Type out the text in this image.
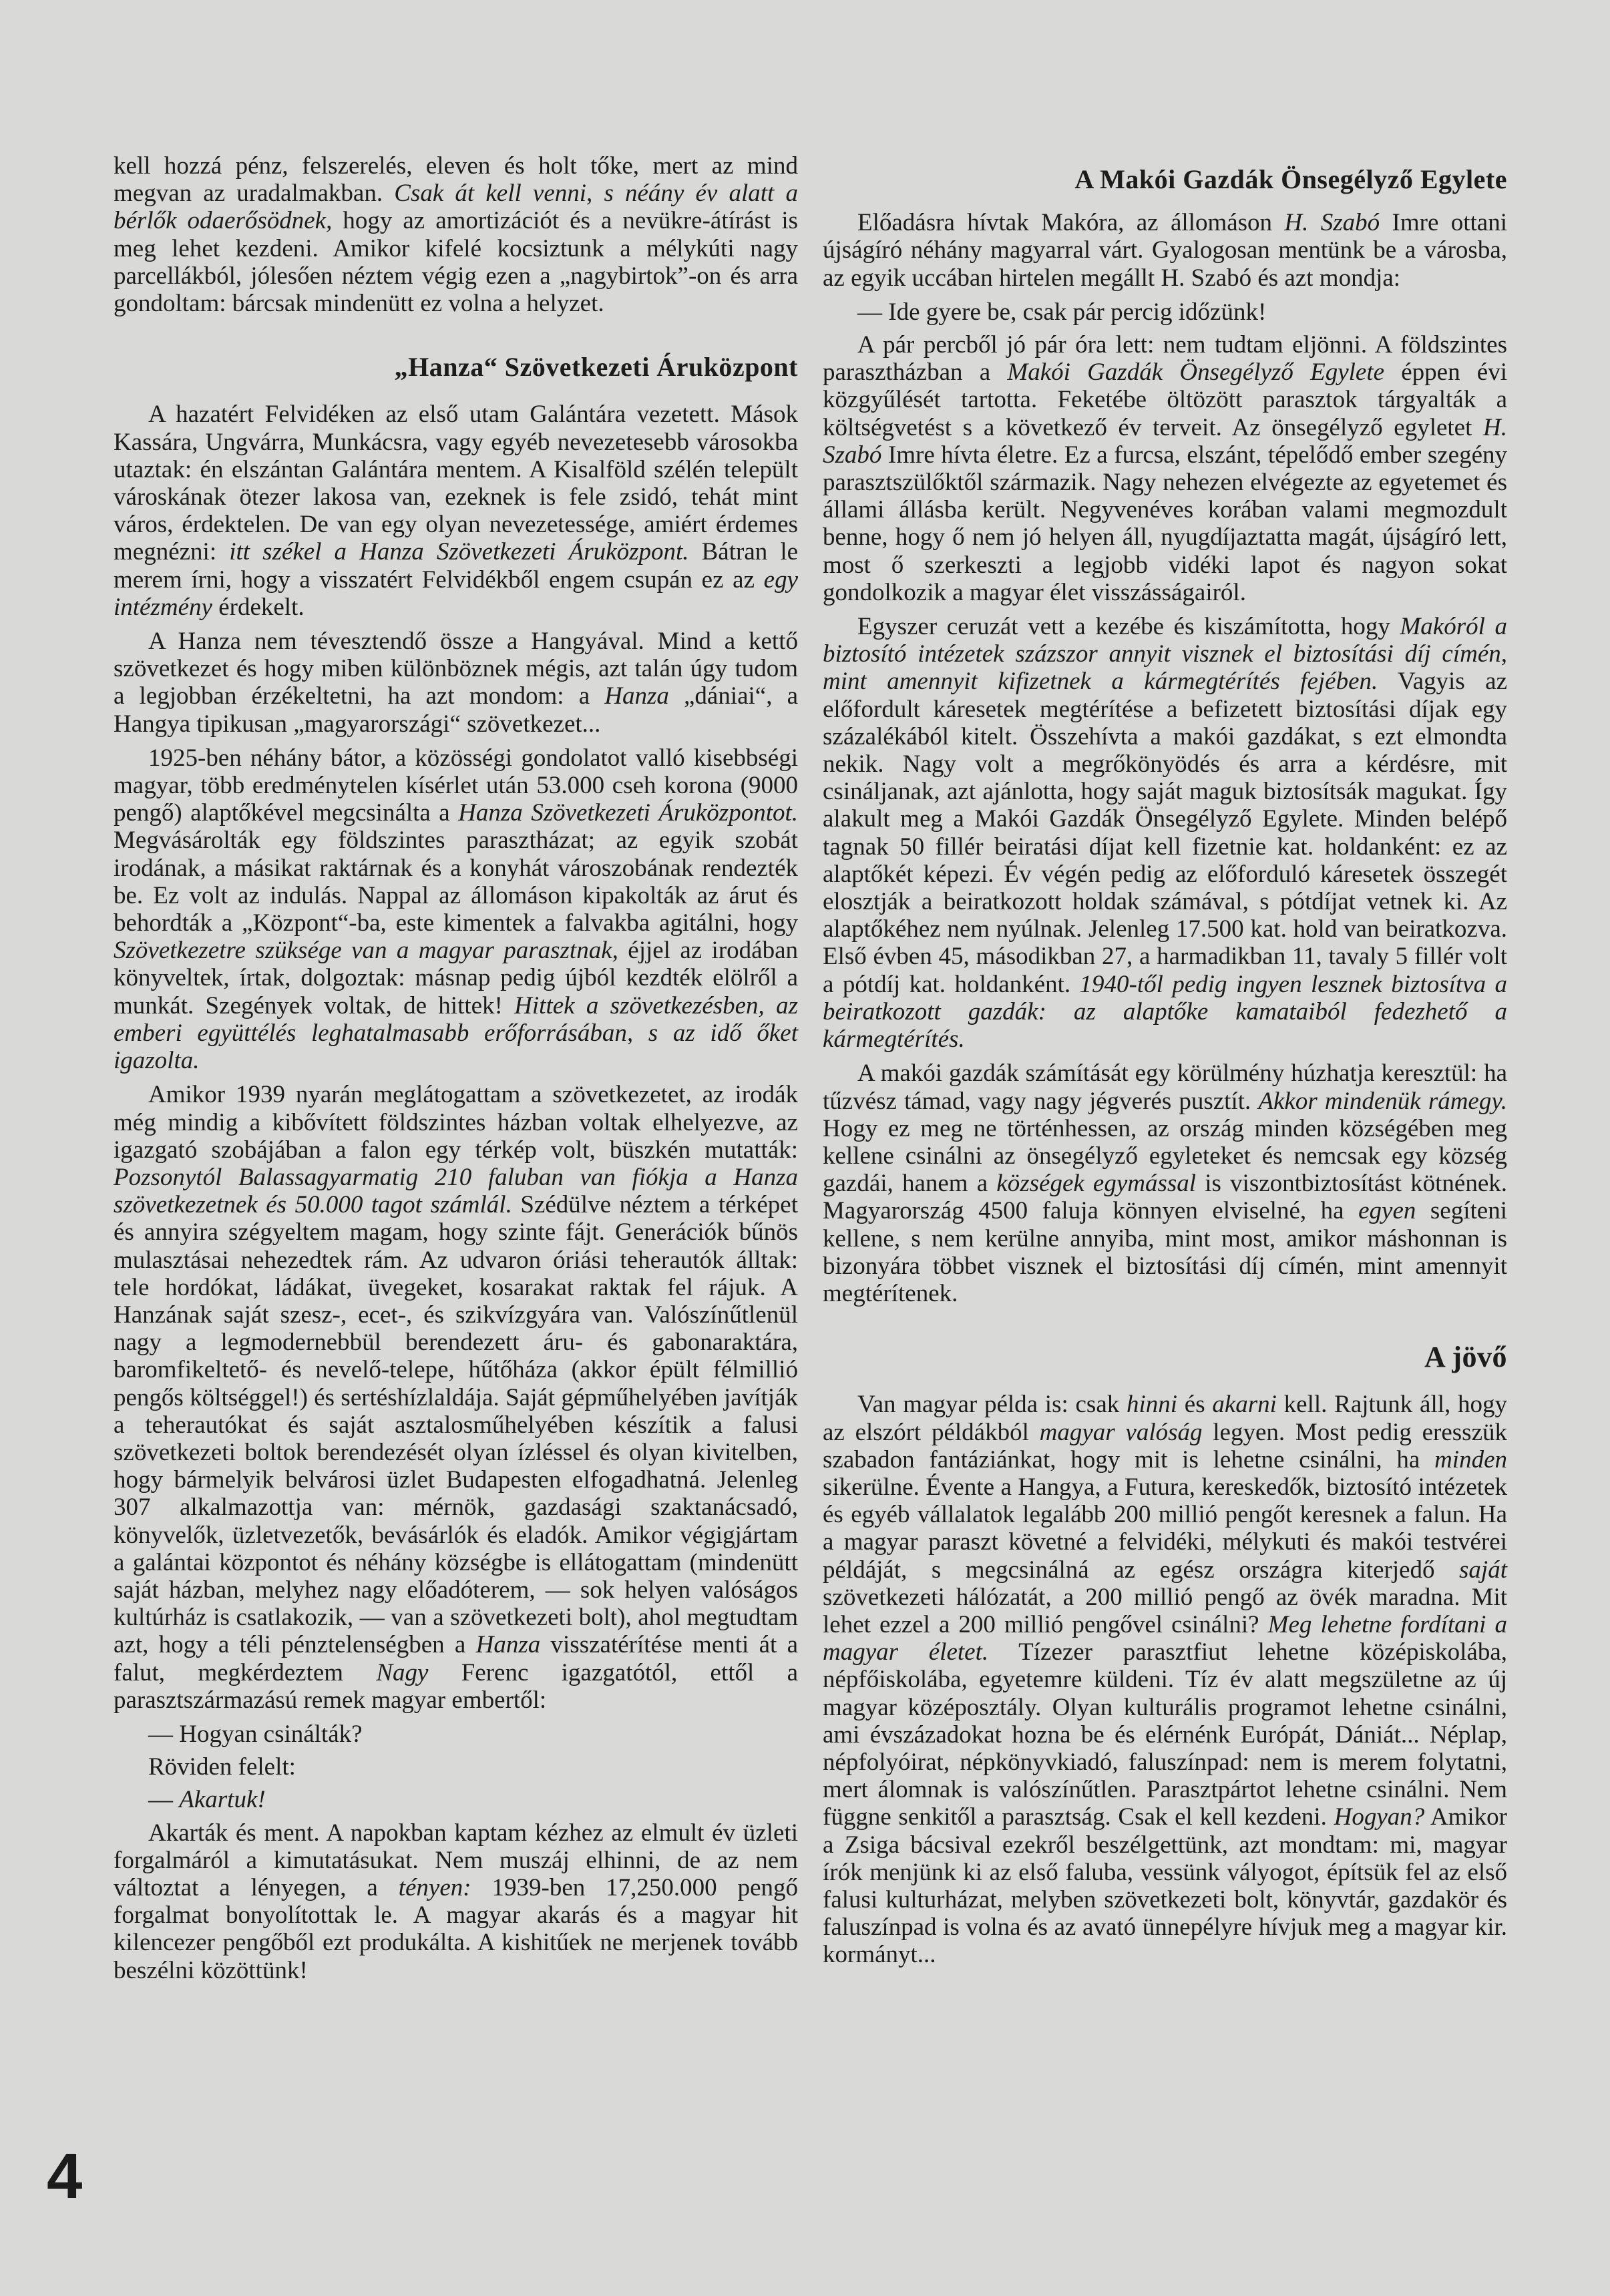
kell hozzá pénz, felszerelés, eleven és holt tőke, mert az mind megvan az uradalmakban. Csak át kell venni, s néány év alatt a bérlők odaerősödnek, hogy az amortizációt és a nevükre-átírást is meg lehet kezdeni. Amikor kifelé kocsiztunk a mélykúti nagy parcellákból, jólesően néztem végig ezen a „nagybirtok”-on és arra gondoltam: bárcsak mindenütt ez volna a helyzet.

„Hanza“ Szövetkezeti Áruközpont

A hazatért Felvidéken az első utam Galántára vezetett. Mások Kassára, Ungvárra, Munkácsra, vagy egyéb nevezetesebb városokba utaztak: én elszántan Galántára mentem. A Kisalföld szélén települt városkának ötezer lakosa van, ezeknek is fele zsidó, tehát mint város, érdektelen. De van egy olyan nevezetessége, amiért érdemes megnézni: itt székel a Hanza Szövetkezeti Áruközpont. Bátran le merem írni, hogy a visszatért Felvidékből engem csupán ez az egy intézmény érdekelt.

A Hanza nem tévesztendő össze a Hangyával. Mind a kettő szövetkezet és hogy miben különböznek mégis, azt talán úgy tudom a legjobban érzékeltetni, ha azt mondom: a Hanza „dániai“, a Hangya tipikusan „magyarországi“ szövetkezet...

1925-ben néhány bátor, a közösségi gondolatot valló kisebbségi magyar, több eredménytelen kísérlet után 53.000 cseh korona (9000 pengő) alaptőkével megcsinálta a Hanza Szövetkezeti Áruközpontot. Megvásárolták egy földszintes parasztházat; az egyik szobát irodának, a másikat raktárnak és a konyhát városzobának rendezték be. Ez volt az indulás. Nappal az állomáson kipakolták az árut és behordták a „Központ“-ba, este kimentek a falvakba agitálni, hogy Szövetkezetre szüksége van a magyar parasztnak, éjjel az irodában könyveltek, írtak, dolgoztak: másnap pedig újból kezdték elölről a munkát. Szegények voltak, de hittek! Hittek a szövetkezésben, az emberi együttélés leghatalmasabb erőforrásában, s az idő őket igazolta.

Amikor 1939 nyarán meglátogattam a szövetkezetet, az irodák még mindig a kibővített földszintes házban voltak elhelyezve, az igazgató szobájában a falon egy térkép volt, büszkén mutatták: Pozsonytól Balassagyarmatig 210 faluban van fiókja a Hanza szövetkezetnek és 50.000 tagot számlál. Szédülve néztem a térképet és annyira szégyeltem magam, hogy szinte fájt. Generációk bűnös mulasztásai nehezedtek rám. Az udvaron óriási teherautók álltak: tele hordókat, ládákat, üvegeket, kosarakat raktak fel rájuk. A Hanzának saját szesz-, ecet-, és szikvízgyára van. Valószínűtlenül nagy a legmodernebbül berendezett áru- és gabonaraktára, baromfikeltető- és nevelő-telepe, hűtőháza (akkor épült félmillió pengős költséggel!) és sertéshízlaldája. Saját gépműhelyében javítják a teherautókat és saját asztalosműhelyében készítik a falusi szövetkezeti boltok berendezését olyan ízléssel és olyan kivitelben, hogy bármelyik belvárosi üzlet Budapesten elfogadhatná. Jelenleg 307 alkalmazottja van: mérnök, gazdasági szaktanácsadó, könyvelők, üzletvezetők, bevásárlók és eladók. Amikor végigjártam a galántai központot és néhány községbe is ellátogattam (mindenütt saját házban, melyhez nagy előadóterem, — sok helyen valóságos kultúrház is csatlakozik, — van a szövetkezeti bolt), ahol megtudtam azt, hogy a téli pénztelenségben a Hanza visszatérítése menti át a falut, megkérdeztem Nagy Ferenc igazgatótól, ettől a parasztszármazású remek magyar embertől:

— Hogyan csinálták?

Röviden felelt:

— Akartuk!

Akarták és ment. A napokban kaptam kézhez az elmult év üzleti forgalmáról a kimutatásukat. Nem muszáj elhinni, de az nem változtat a lényegen, a tényen: 1939-ben 17,250.000 pengő forgalmat bonyolítottak le. A magyar akarás és a magyar hit kilencezer pengőből ezt produkálta. A kishitűek ne merjenek tovább beszélni közöttünk!

A Makói Gazdák Önsegélyző Egylete

Előadásra hívtak Makóra, az állomáson H. Szabó Imre ottani újságíró néhány magyarral várt. Gyalogosan mentünk be a városba, az egyik uccában hirtelen megállt H. Szabó és azt mondja:

— Ide gyere be, csak pár percig időzünk!

A pár percből jó pár óra lett: nem tudtam eljönni. A földszintes parasztházban a Makói Gazdák Önsegélyző Egylete éppen évi közgyűlését tartotta. Feketébe öltözött parasztok tárgyalták a költségvetést s a következő év terveit. Az önsegélyző egyletet H. Szabó Imre hívta életre. Ez a furcsa, elszánt, tépelődő ember szegény parasztszülőktől származik. Nagy nehezen elvégezte az egyetemet és állami állásba került. Negyvenéves korában valami megmozdult benne, hogy ő nem jó helyen áll, nyugdíjaztatta magát, újságíró lett, most ő szerkeszti a legjobb vidéki lapot és nagyon sokat gondolkozik a magyar élet visszásságairól.

Egyszer ceruzát vett a kezébe és kiszámította, hogy Makóról a biztosító intézetek százszor annyit visznek el biztosítási díj címén, mint amennyit kifizetnek a kármegtérítés fejében. Vagyis az előfordult káresetek megtérítése a befizetett biztosítási díjak egy százalékából kitelt. Összehívta a makói gazdákat, s ezt elmondta nekik. Nagy volt a megrőkönyödés és arra a kérdésre, mit csináljanak, azt ajánlotta, hogy saját maguk biztosítsák magukat. Így alakult meg a Makói Gazdák Önsegélyző Egylete. Minden belépő tagnak 50 fillér beiratási díjat kell fizetnie kat. holdanként: ez az alaptőkét képezi. Év végén pedig az előforduló káresetek összegét elosztják a beiratkozott holdak számával, s pótdíjat vetnek ki. Az alaptőkéhez nem nyúlnak. Jelenleg 17.500 kat. hold van beiratkozva. Első évben 45, másodikban 27, a harmadikban 11, tavaly 5 fillér volt a pótdíj kat. holdanként. 1940-től pedig ingyen lesznek biztosítva a beiratkozott gazdák: az alaptőke kamataiból fedezhető a kármegtérítés.

A makói gazdák számítását egy körülmény húzhatja keresztül: ha tűzvész támad, vagy nagy jégverés pusztít. Akkor mindenük rámegy. Hogy ez meg ne történhessen, az ország minden községében meg kellene csinálni az önsegélyző egyleteket és nemcsak egy község gazdái, hanem a községek egymással is viszontbiztosítást kötnének. Magyarország 4500 faluja könnyen elviselné, ha egyen segíteni kellene, s nem kerülne annyiba, mint most, amikor máshonnan is bizonyára többet visznek el biztosítási díj címén, mint amennyit megtérítenek.

A jövő

Van magyar példa is: csak hinni és akarni kell. Rajtunk áll, hogy az elszórt példákból magyar valóság legyen. Most pedig eresszük szabadon fantáziánkat, hogy mit is lehetne csinálni, ha minden sikerülne. Évente a Hangya, a Futura, kereskedők, biztosító intézetek és egyéb vállalatok legalább 200 millió pengőt keresnek a falun. Ha a magyar paraszt követné a felvidéki, mélykuti és makói testvérei példáját, s megcsinálná az egész országra kiterjedő saját szövetkezeti hálózatát, a 200 millió pengő az övék maradna. Mit lehet ezzel a 200 millió pengővel csinálni? Meg lehetne fordítani a magyar életet. Tízezer parasztfiut lehetne középiskolába, népfőiskolába, egyetemre küldeni. Tíz év alatt megszületne az új magyar középosztály. Olyan kulturális programot lehetne csinálni, ami évszázadokat hozna be és elérnénk Európát, Dániát... Néplap, népfolyóirat, népkönyvkiadó, faluszínpad: nem is merem folytatni, mert álomnak is valószínűtlen. Parasztpártot lehetne csinálni. Nem függne senkitől a parasztság. Csak el kell kezdeni. Hogyan? Amikor a Zsiga bácsival ezekről beszélgettünk, azt mondtam: mi, magyar írók menjünk ki az első faluba, vessünk vályogot, építsük fel az első falusi kulturházat, melyben szövetkezeti bolt, könyvtár, gazdakör és faluszínpad is volna és az avató ünnepélyre hívjuk meg a magyar kir. kormányt...

4
